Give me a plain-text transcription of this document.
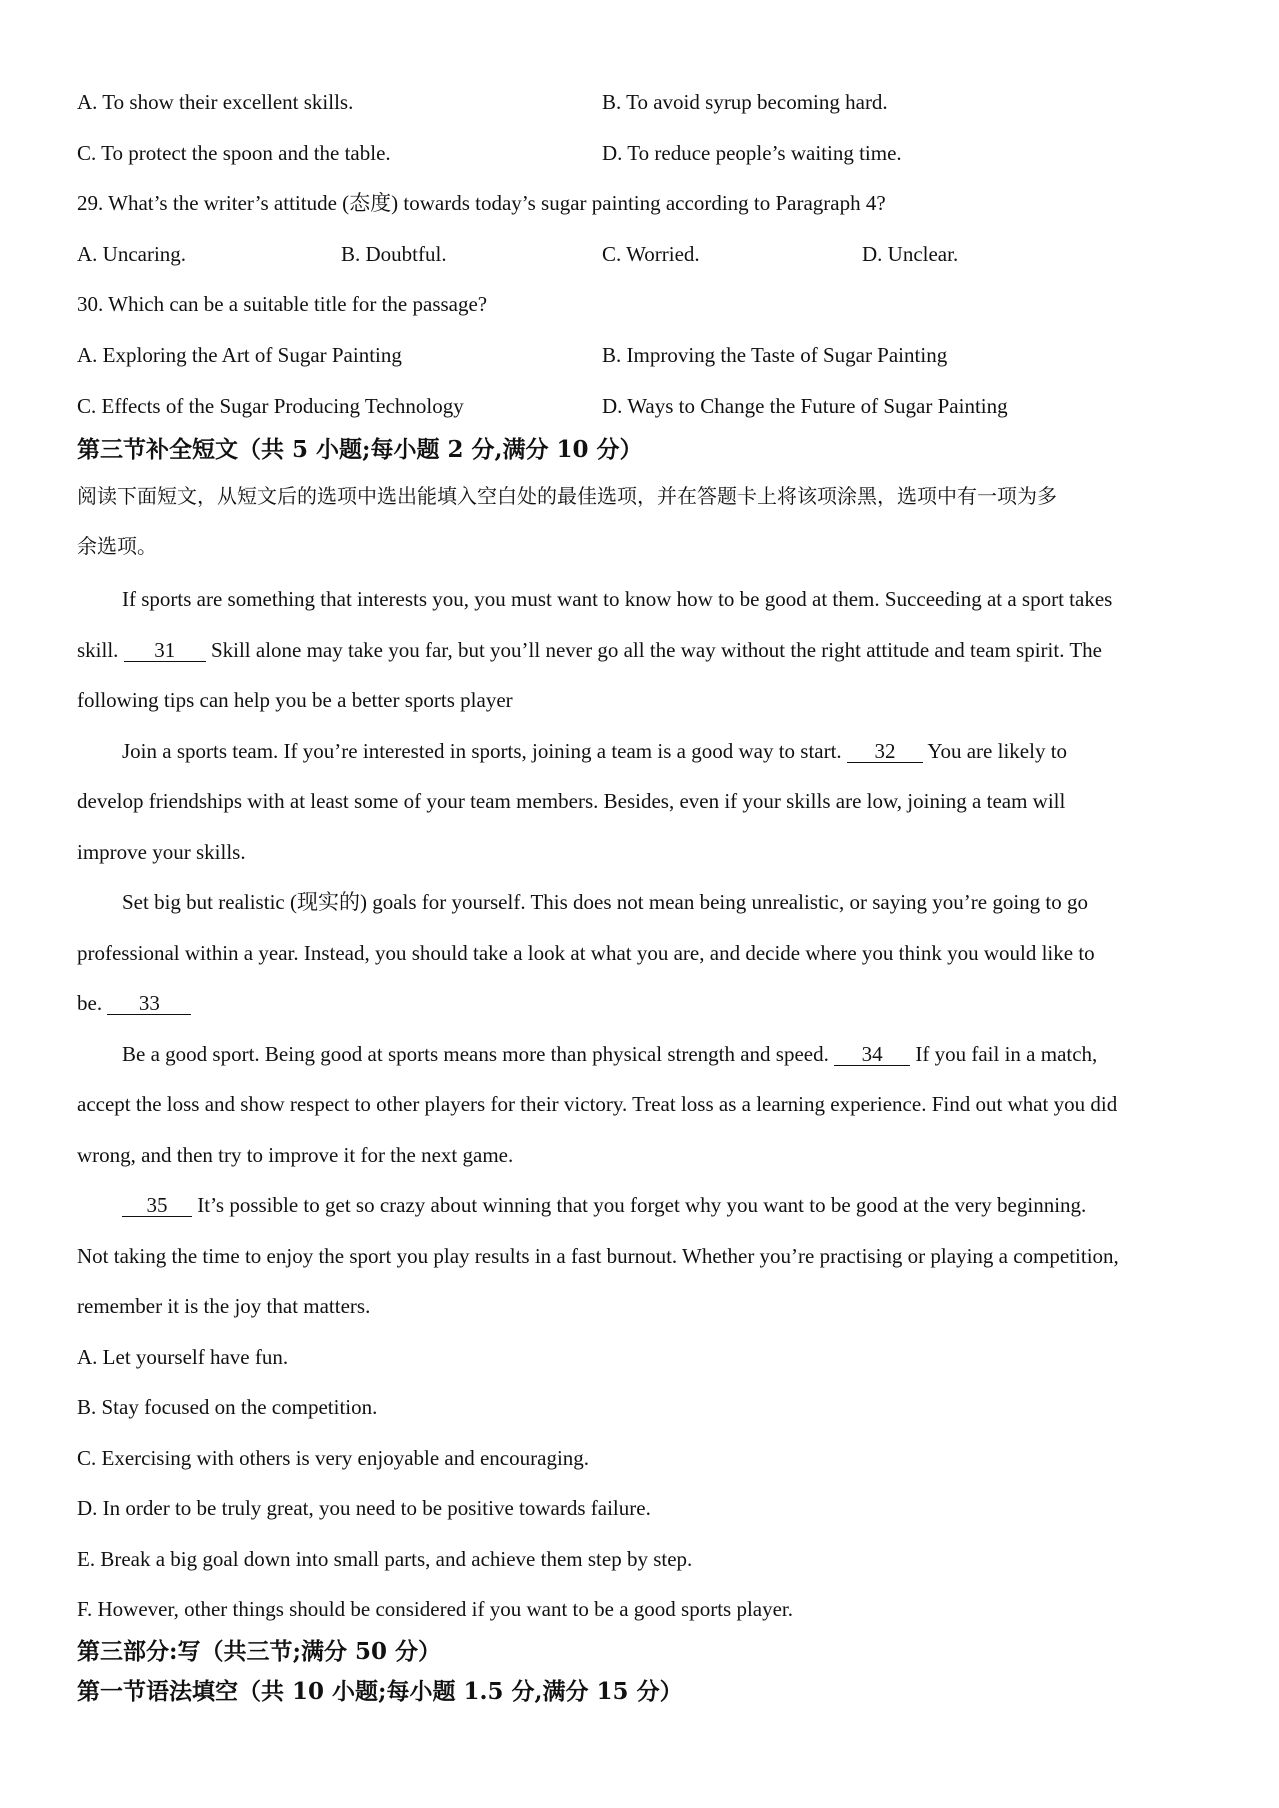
A. To show their excellent skills.	B. To avoid syrup becoming hard.
C. To protect the spoon and the table.	D. To reduce people’s waiting time.
29. What’s the writer’s attitude (态度) towards today’s sugar painting according to Paragraph 4?
A. Uncaring.	B. Doubtful.	C. Worried.	D. Unclear.
30. Which can be a suitable title for the passage?
A. Exploring the Art of Sugar Painting	B. Improving the Taste of Sugar Painting
C. Effects of the Sugar Producing Technology	D. Ways to Change the Future of Sugar Painting
第三节补全短文（共 5 小题;每小题 2 分,满分 10 分）
阅读下面短文，从短文后的选项中选出能填入空白处的最佳选项，并在答题卡上将该项涂黑，选项中有一项为多
余选项。
If sports are something that interests you, you must want to know how to be good at them. Succeeding at a sport takes
skill. 31 Skill alone may take you far, but you’ll never go all the way without the right attitude and team spirit. The
following tips can help you be a better sports player
Join a sports team. If you’re interested in sports, joining a team is a good way to start. 32 You are likely to
develop friendships with at least some of your team members. Besides, even if your skills are low, joining a team will
improve your skills.
Set big but realistic (现实的) goals for yourself. This does not mean being unrealistic, or saying you’re going to go
professional within a year. Instead, you should take a look at what you are, and decide where you think you would like to
be. 33
Be a good sport. Being good at sports means more than physical strength and speed. 34 If you fail in a match,
accept the loss and show respect to other players for their victory. Treat loss as a learning experience. Find out what you did
wrong, and then try to improve it for the next game.
35 It’s possible to get so crazy about winning that you forget why you want to be good at the very beginning.
Not taking the time to enjoy the sport you play results in a fast burnout. Whether you’re practising or playing a competition,
remember it is the joy that matters.
A. Let yourself have fun.
B. Stay focused on the competition.
C. Exercising with others is very enjoyable and encouraging.
D. In order to be truly great, you need to be positive towards failure.
E. Break a big goal down into small parts, and achieve them step by step.
F. However, other things should be considered if you want to be a good sports player.
第三部分:写（共三节;满分 50 分）
第一节语法填空（共 10 小题;每小题 1.5 分,满分 15 分）
